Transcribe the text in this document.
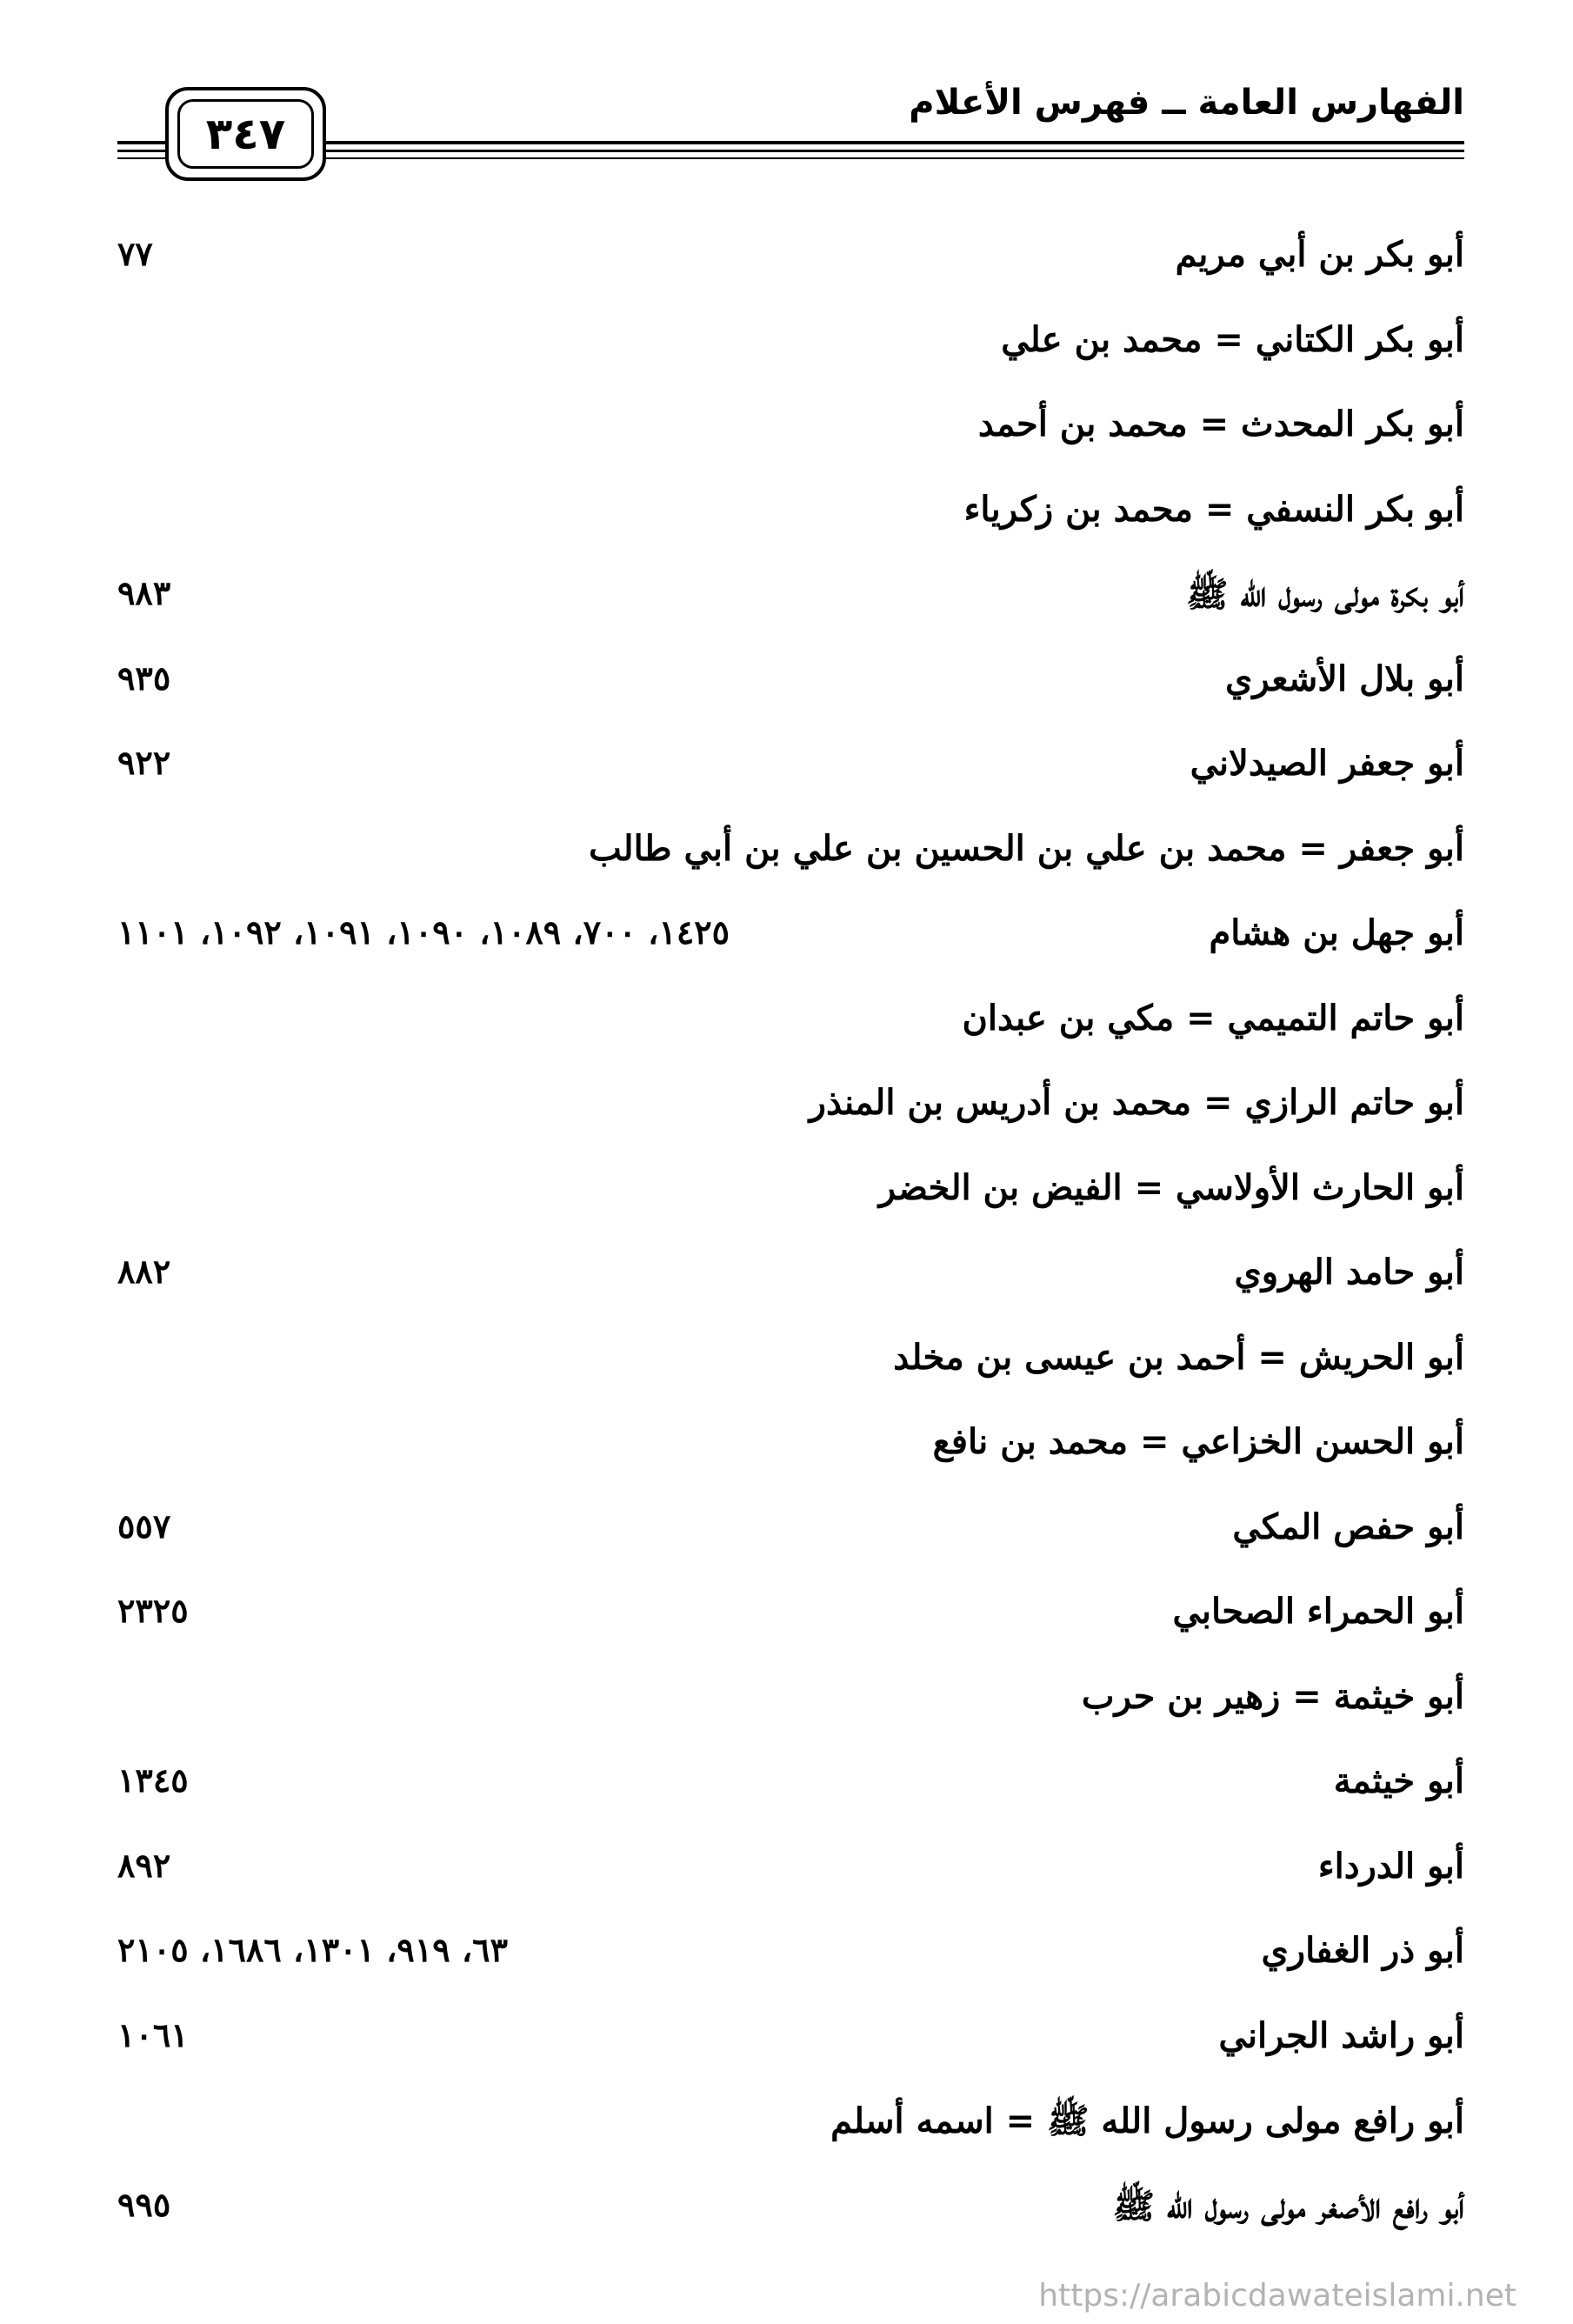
الفهارس العامة ــ فهرس الأعلام
٣٤٧
أبو بكر بن أبي مريم
٧٧
أبو بكر الكتاني = محمد بن علي
أبو بكر المحدث = محمد بن أحمد
أبو بكر النسفي = محمد بن زكرياء
أبو بكرة مولى رسول الله ﷺ
٩٨٣
أبو بلال الأشعري
٩٣٥
أبو جعفر الصيدلاني
٩٢٢
أبو جعفر = محمد بن علي بن الحسين بن علي بن أبي طالب
أبو جهل بن هشام
١٤٢٥، ٧٠٠، ١٠٨٩، ١٠٩٠، ١٠٩١، ١٠٩٢، ١١٠١
أبو حاتم التميمي = مكي بن عبدان
أبو حاتم الرازي = محمد بن أدريس بن المنذر
أبو الحارث الأولاسي = الفيض بن الخضر
أبو حامد الهروي
٨٨٢
أبو الحريش = أحمد بن عيسى بن مخلد
أبو الحسن الخزاعي = محمد بن نافع
أبو حفص المكي
٥٥٧
أبو الحمراء الصحابي
٢٣٢٥
أبو خيثمة = زهير بن حرب
أبو خيثمة
١٣٤٥
أبو الدرداء
٨٩٢
أبو ذر الغفاري
٦٣، ٩١٩، ١٣٠١، ١٦٨٦، ٢١٠٥
أبو راشد الجراني
١٠٦١
أبو رافع مولى رسول الله ﷺ = اسمه أسلم
أبو رافع الأصغر مولى رسول الله ﷺ
٩٩٥
https://arabicdawateislami.net
